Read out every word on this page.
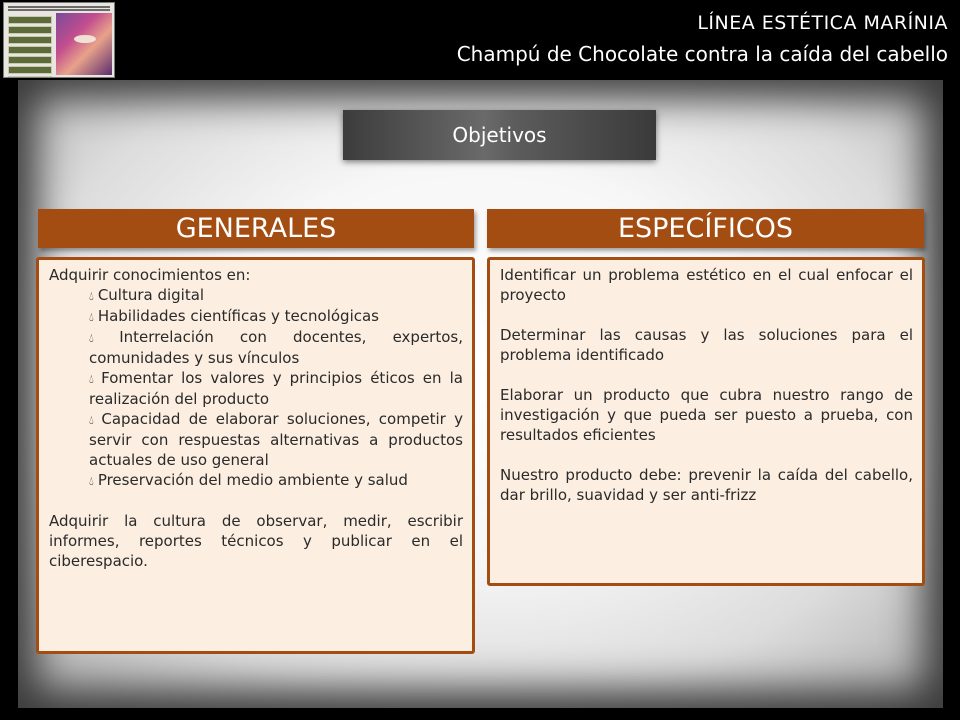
LÍNEA ESTÉTICA MARÍNIA
Champú de Chocolate contra la caída del cabello
Objetivos
GENERALES	ESPECÍFICOS

Adquirir conocimientos en:

💧︎ Cultura digital
💧︎ Habilidades científicas y tecnológicas
💧︎ Interrelación con docentes, expertos, comunidades y sus vínculos
💧︎ Fomentar los valores y principios éticos en la realización del producto
💧︎ Capacidad de elaborar soluciones, competir y servir con respuestas alternativas a productos actuales de uso general
💧︎ Preservación del medio ambiente y salud

Adquirir la cultura de observar, medir, escribir informes, reportes técnicos y publicar en el ciberespacio.

Identificar un problema estético en el cual enfocar el proyecto

Determinar las causas y las soluciones para el problema identificado

Elaborar un producto que cubra nuestro rango de investigación y que pueda ser puesto a prueba, con resultados eficientes

Nuestro producto debe: prevenir la caída del cabello, dar brillo, suavidad y ser anti-frizz
